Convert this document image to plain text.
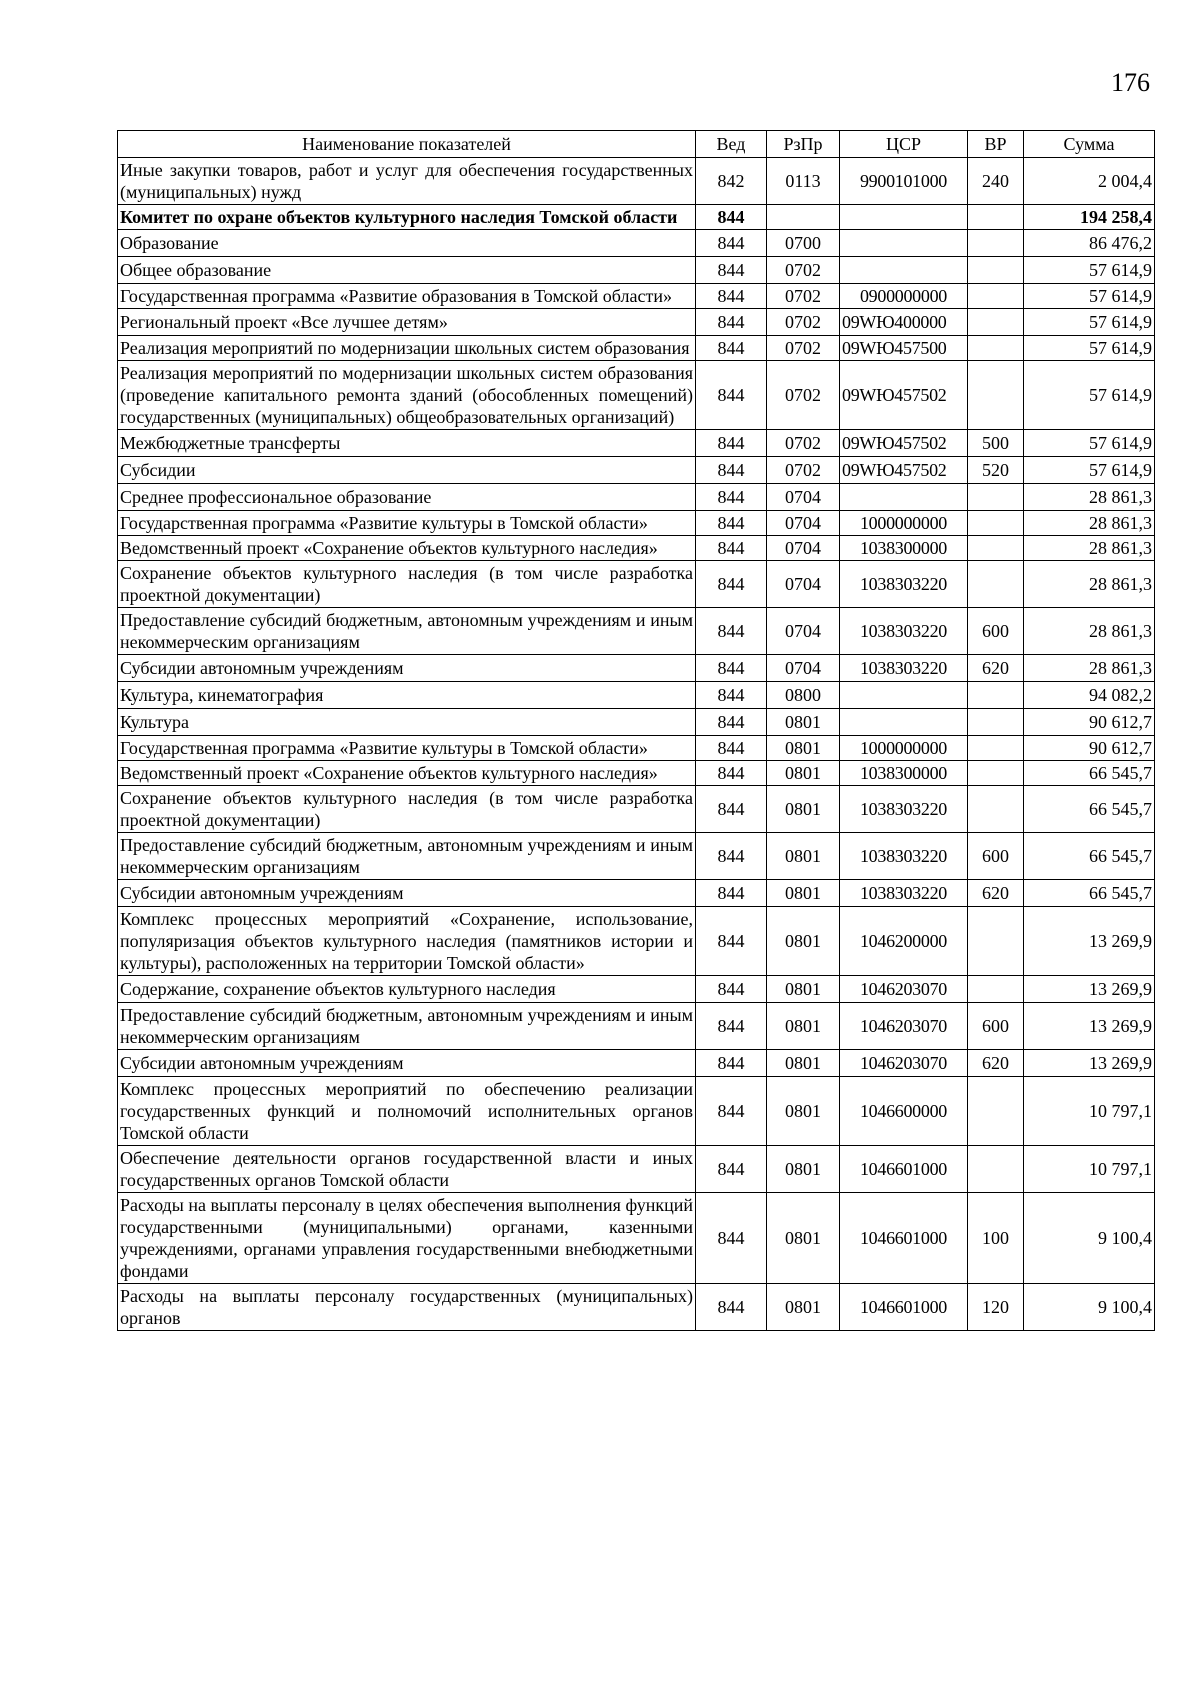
176
Наименование показателей	Вед	РзПр	ЦСР	ВР	Сумма
Иные закупки товаров, работ и услуг для обеспечения государственных (муниципальных) нужд	842	0113	9900101000	240	2 004,4
Комитет по охране объектов культурного наследия Томской области	844				194 258,4
Образование	844	0700			86 476,2
Общее образование	844	0702			57 614,9
Государственная программа «Развитие образования в Томской области»	844	0702	0900000000		57 614,9
Региональный проект «Все лучшее детям»	844	0702	09WЮ400000		57 614,9
Реализация мероприятий по модернизации школьных систем образования	844	0702	09WЮ457500		57 614,9
Реализация мероприятий по модернизации школьных систем образования (проведение капитального ремонта зданий (обособленных помещений) государственных (муниципальных) общеобразовательных организаций)	844	0702	09WЮ457502		57 614,9
Межбюджетные трансферты	844	0702	09WЮ457502	500	57 614,9
Субсидии	844	0702	09WЮ457502	520	57 614,9
Среднее профессиональное образование	844	0704			28 861,3
Государственная программа «Развитие культуры в Томской области»	844	0704	1000000000		28 861,3
Ведомственный проект «Сохранение объектов культурного наследия»	844	0704	1038300000		28 861,3
Сохранение объектов культурного наследия (в том числе разработка проектной документации)	844	0704	1038303220		28 861,3
Предоставление субсидий бюджетным, автономным учреждениям и иным некоммерческим организациям	844	0704	1038303220	600	28 861,3
Субсидии автономным учреждениям	844	0704	1038303220	620	28 861,3
Культура, кинематография	844	0800			94 082,2
Культура	844	0801			90 612,7
Государственная программа «Развитие культуры в Томской области»	844	0801	1000000000		90 612,7
Ведомственный проект «Сохранение объектов культурного наследия»	844	0801	1038300000		66 545,7
Сохранение объектов культурного наследия (в том числе разработка проектной документации)	844	0801	1038303220		66 545,7
Предоставление субсидий бюджетным, автономным учреждениям и иным некоммерческим организациям	844	0801	1038303220	600	66 545,7
Субсидии автономным учреждениям	844	0801	1038303220	620	66 545,7
Комплекс процессных мероприятий «Сохранение, использование, популяризация объектов культурного наследия (памятников истории и культуры), расположенных на территории Томской области»	844	0801	1046200000		13 269,9
Содержание, сохранение объектов культурного наследия	844	0801	1046203070		13 269,9
Предоставление субсидий бюджетным, автономным учреждениям и иным некоммерческим организациям	844	0801	1046203070	600	13 269,9
Субсидии автономным учреждениям	844	0801	1046203070	620	13 269,9
Комплекс процессных мероприятий по обеспечению реализации государственных функций и полномочий исполнительных органов Томской области	844	0801	1046600000		10 797,1
Обеспечение деятельности органов государственной власти и иных государственных органов Томской области	844	0801	1046601000		10 797,1
Расходы на выплаты персоналу в целях обеспечения выполнения функций государственными (муниципальными) органами, казенными учреждениями, органами управления государственными внебюджетными фондами	844	0801	1046601000	100	9 100,4
Расходы на выплаты персоналу государственных (муниципальных) органов	844	0801	1046601000	120	9 100,4
